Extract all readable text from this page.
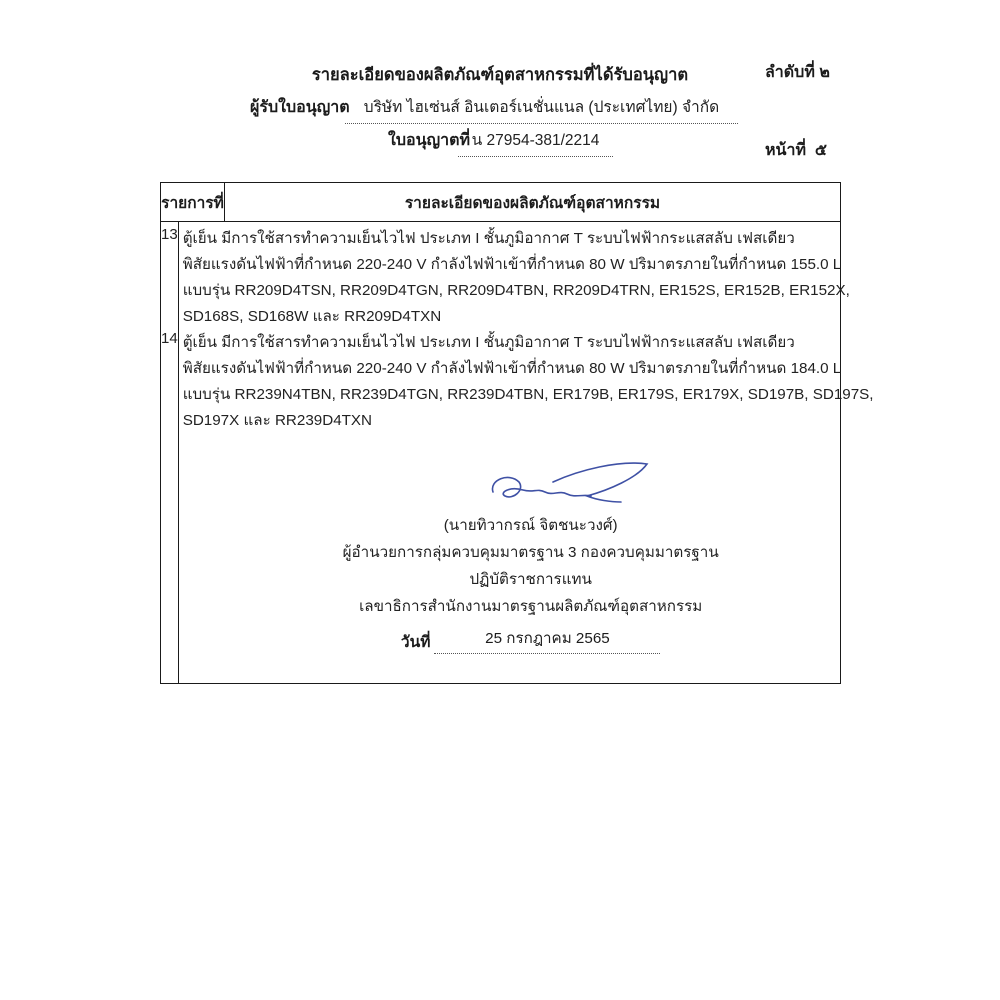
ลำดับที่ ๒

หน้าที่  ๕

รายละเอียดของผลิตภัณฑ์อุตสาหกรรมที่ได้รับอนุญาต
ผู้รับใบอนุญาต บริษัท ไฮเซ่นส์ อินเตอร์เนชั่นแนล (ประเทศไทย) จำกัด
ใบอนุญาตที่ น 27954-381/2214
รายการที่	รายละเอียดของผลิตภัณฑ์อุตสาหกรรม
13
14
ตู้เย็น มีการใช้สารทำความเย็นไวไฟ ประเภท I ชั้นภูมิอากาศ T ระบบไฟฟ้ากระแสสลับ เฟสเดียว
พิสัยแรงดันไฟฟ้าที่กำหนด 220-240 V กำลังไฟฟ้าเข้าที่กำหนด 80 W ปริมาตรภายในที่กำหนด 155.0 L
แบบรุ่น RR209D4TSN, RR209D4TGN, RR209D4TBN, RR209D4TRN, ER152S, ER152B, ER152X,
SD168S, SD168W และ RR209D4TXN
ตู้เย็น มีการใช้สารทำความเย็นไวไฟ ประเภท I ชั้นภูมิอากาศ T ระบบไฟฟ้ากระแสสลับ เฟสเดียว
พิสัยแรงดันไฟฟ้าที่กำหนด 220-240 V กำลังไฟฟ้าเข้าที่กำหนด 80 W ปริมาตรภายในที่กำหนด 184.0 L
แบบรุ่น RR239N4TBN, RR239D4TGN, RR239D4TBN, ER179B, ER179S, ER179X, SD197B, SD197S,
SD197X และ RR239D4TXN
(นายทิวากรณ์ จิตชนะวงศ์)
ผู้อำนวยการกลุ่มควบคุมมาตรฐาน 3 กองควบคุมมาตรฐาน
ปฏิบัติราชการแทน
เลขาธิการสำนักงานมาตรฐานผลิตภัณฑ์อุตสาหกรรม
วันที่	25 กรกฎาคม 2565
